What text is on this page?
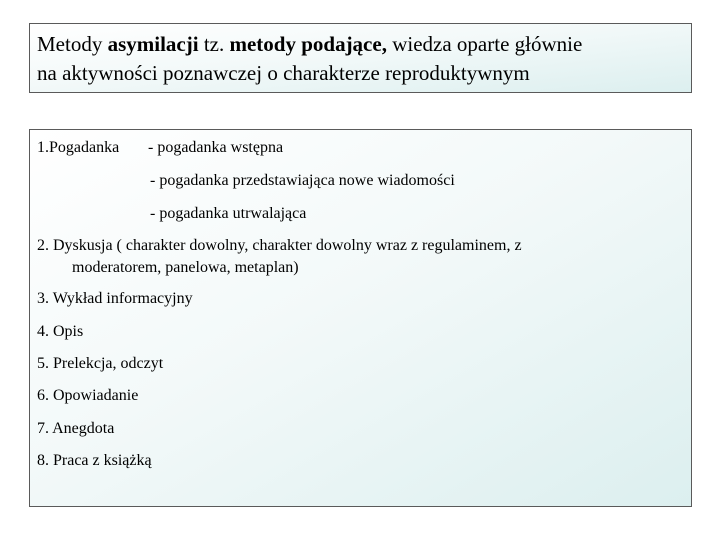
Metody asymilacji tz. metody podające, wiedza oparte głównie
na aktywności poznawczej o charakterze reproduktywnym
1.Pogadanka - pogadanka wstępna
- pogadanka przedstawiająca nowe wiadomości
- pogadanka utrwalająca
2. Dyskusja ( charakter dowolny, charakter dowolny wraz z regulaminem, z
moderatorem, panelowa, metaplan)
3. Wykład informacyjny
4. Opis
5. Prelekcja, odczyt
6. Opowiadanie
7. Anegdota
8. Praca z książką
